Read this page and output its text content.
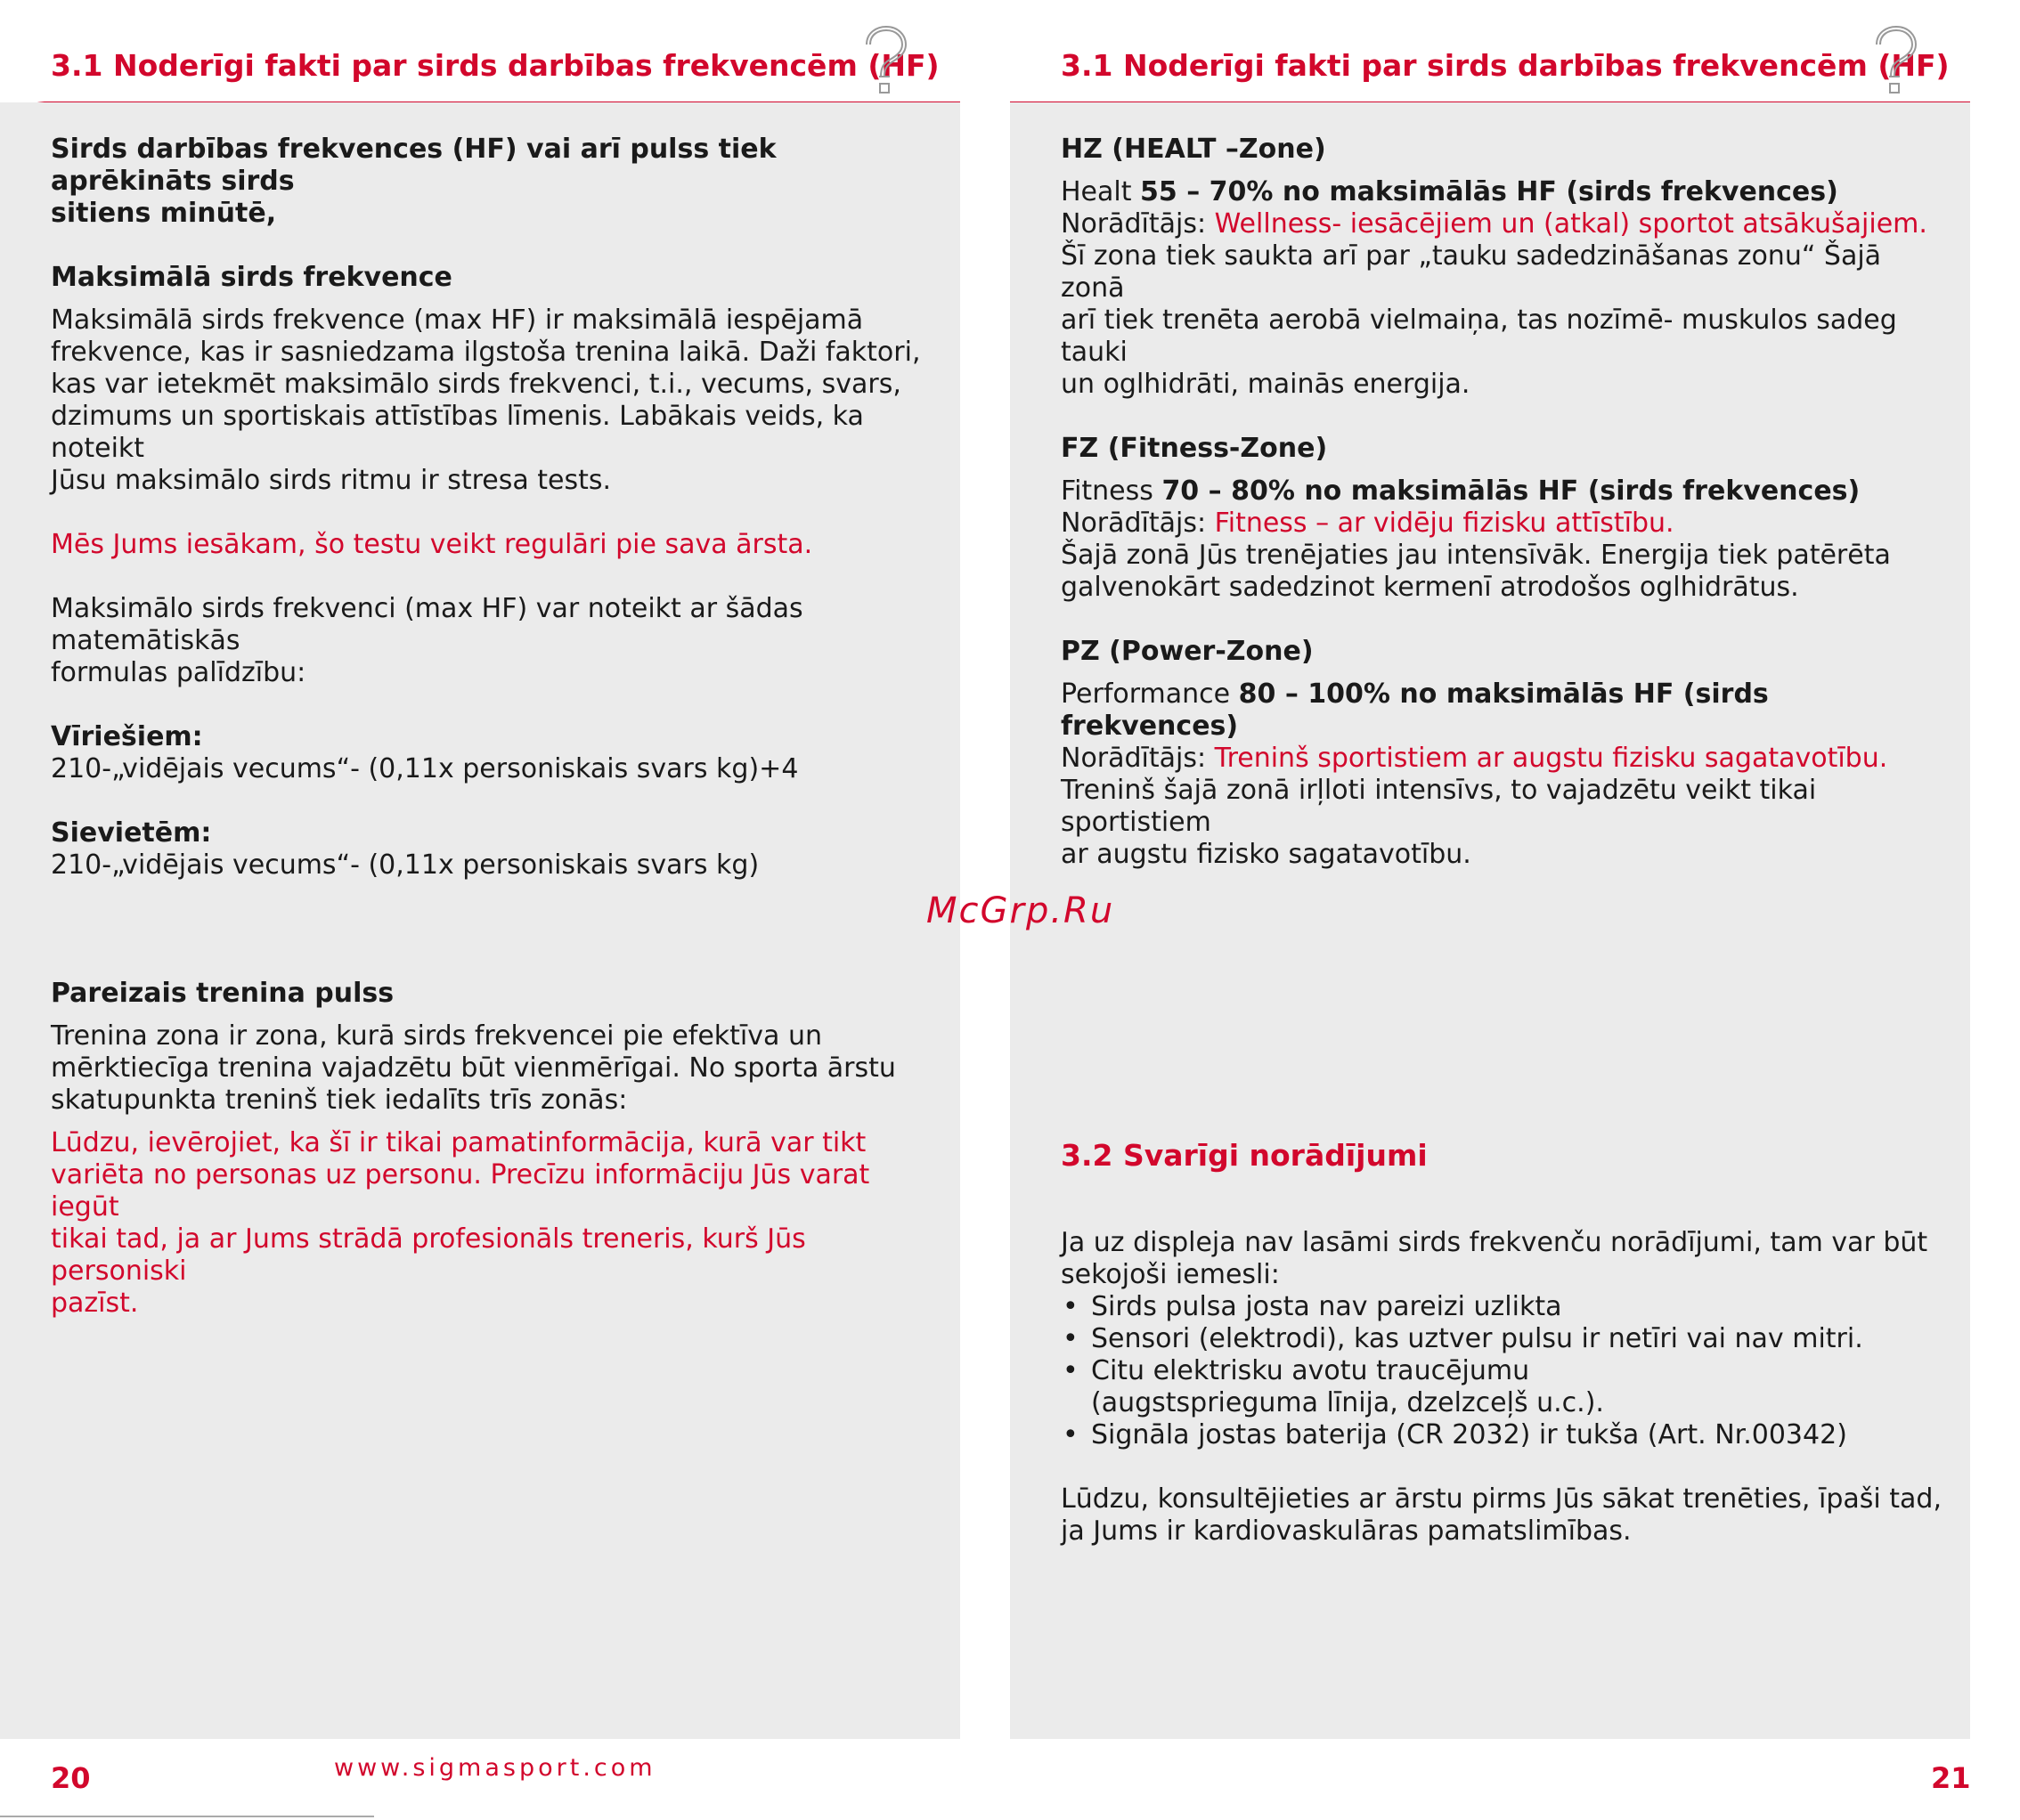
3.1 Noderīgi fakti par sirds darbības frekvencēm (HF)

Sirds darbības frekvences (HF) vai arī pulss tiek aprēkināts sirds

sitiens minūtē,

Maksimālā sirds frekvence

Maksimālā sirds frekvence (max HF) ir maksimālā iespējamā

frekvence, kas ir sasniedzama ilgstoša trenina laikā. Daži faktori,

kas var ietekmēt maksimālo sirds frekvenci, t.i., vecums, svars,

dzimums un sportiskais attīstības līmenis. Labākais veids, ka noteikt

Jūsu maksimālo sirds ritmu ir stresa tests.

Mēs Jums iesākam, šo testu veikt regulāri pie sava ārsta.

Maksimālo sirds frekvenci (max HF) var noteikt ar šādas matemātiskās

formulas palīdzību:

Vīriešiem:

210-„vidējais vecums“- (0,11x personiskais svars kg)+4

Sievietēm:

210-„vidējais vecums“- (0,11x personiskais svars kg)

Pareizais trenina pulss

Trenina zona ir zona, kurā sirds frekvencei pie efektīva un

mērktiecīga trenina vajadzētu būt vienmērīgai. No sporta ārstu

skatupunkta treninš tiek iedalīts trīs zonās:

Lūdzu, ievērojiet, ka šī ir tikai pamatinformācija, kurā var tikt

variēta no personas uz personu. Precīzu informāciju Jūs varat iegūt

tikai tad, ja ar Jums strādā profesionāls treneris, kurš Jūs personiski

pazīst.

20	www.sigmasport.com
3.1 Noderīgi fakti par sirds darbības frekvencēm (HF)

HZ (HEALT –Zone)

Healt 55 – 70% no maksimālās HF (sirds frekvences)

Norādītājs: Wellness- iesācējiem un (atkal) sportot atsākušajiem.

Šī zona tiek saukta arī par „tauku sadedzināšanas zonu“ Šajā zonā

arī tiek trenēta aerobā vielmaiņa, tas nozīmē- muskulos sadeg tauki

un oglhidrāti, mainās energija.

FZ (Fitness-Zone)

Fitness 70 – 80% no maksimālās HF (sirds frekvences)

Norādītājs: Fitness – ar vidēju fizisku attīstību.

Šajā zonā Jūs trenējaties jau intensīvāk. Energija tiek patērēta

galvenokārt sadedzinot kermenī atrodošos oglhidrātus.

PZ (Power-Zone)

Performance 80 – 100% no maksimālās HF (sirds frekvences)

Norādītājs: Treninš sportistiem ar augstu fizisku sagatavotību.

Treninš šajā zonā irļloti intensīvs, to vajadzētu veikt tikai sportistiem

ar augstu fizisko sagatavotību.

3.2 Svarīgi norādījumi

Ja uz displeja nav lasāmi sirds frekvenču norādījumi, tam var būt

sekojoši iemesli:

• Sirds pulsa josta nav pareizi uzlikta
• Sensori (elektrodi), kas uztver pulsu ir netīri vai nav mitri.
• Citu elektrisku avotu traucējumu
(augstsprieguma līnija, dzelzceļš u.c.).
• Signāla jostas baterija (CR 2032) ir tukša (Art. Nr.00342)

Lūdzu, konsultējieties ar ārstu pirms Jūs sākat trenēties, īpaši tad,

ja Jums ir kardiovaskulāras pamatslimības.

21
McGrp.Ru
